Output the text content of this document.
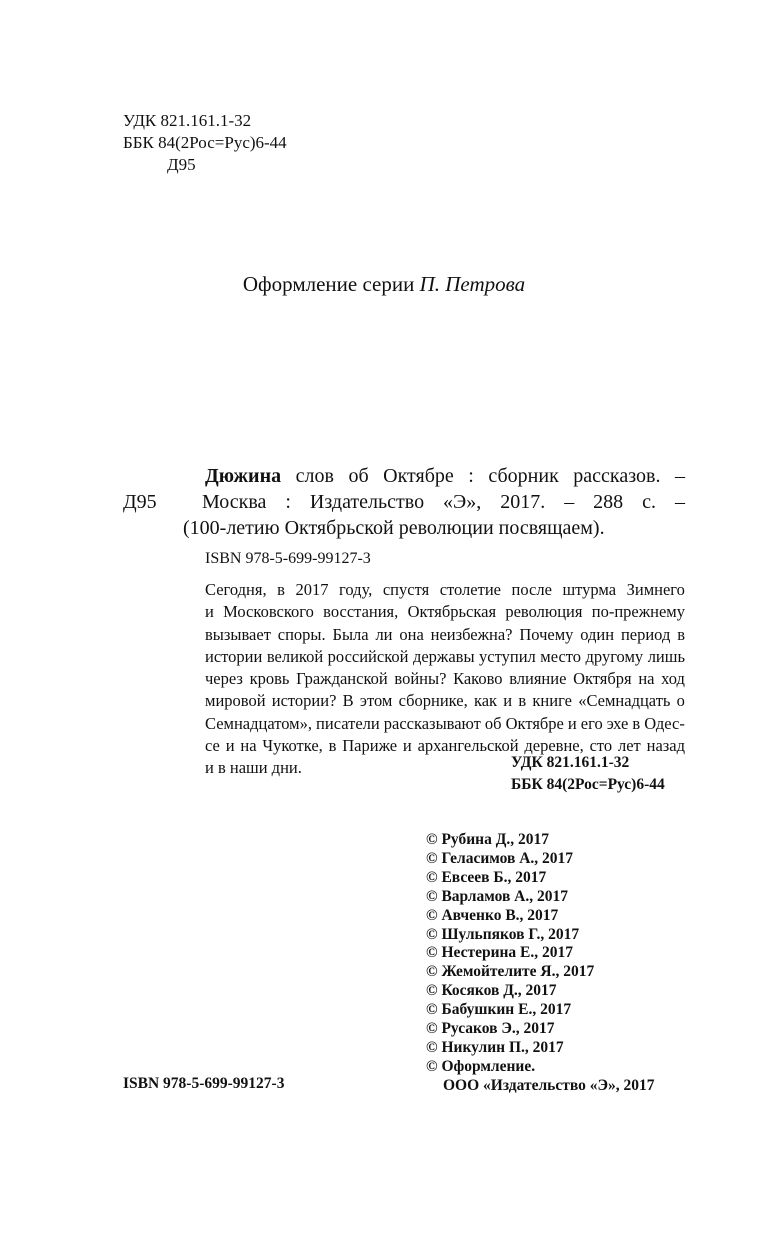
УДК 821.161.1-32
ББК 84(2Рос=Рус)6-44
Д95
Оформление серии П. Петрова
Дюжина слов об Октябре : сборник рассказов. –
Д95	Москва : Издательство «Э», 2017. – 288 с. –
(100-летию Октябрьской революции посвящаем).
ISBN 978-5-699-99127-3
Сегодня, в 2017 году, спустя столетие после штурма Зимнего
и Московского восстания, Октябрьская революция по-прежнему
вызывает споры. Была ли она неизбежна? Почему один период в
истории великой российской державы уступил место другому лишь
через кровь Гражданской войны? Каково влияние Октября на ход
мировой истории? В этом сборнике, как и в книге «Семнадцать о
Семнадцатом», писатели рассказывают об Октябре и его эхе в Одес-
се и на Чукотке, в Париже и архангельской деревне, сто лет назад
и в наши дни.	УДК 821.161.1-32
ББК 84(2Рос=Рус)6-44
© Рубина Д., 2017
© Геласимов А., 2017
© Евсеев Б., 2017
© Варламов А., 2017
© Авченко В., 2017
© Шульпяков Г., 2017
© Нестерина Е., 2017
© Жемойтелите Я., 2017
© Косяков Д., 2017
© Бабушкин Е., 2017
© Русаков Э., 2017
© Никулин П., 2017
© Оформление.
ООО «Издательство «Э», 2017
ISBN 978-5-699-99127-3
